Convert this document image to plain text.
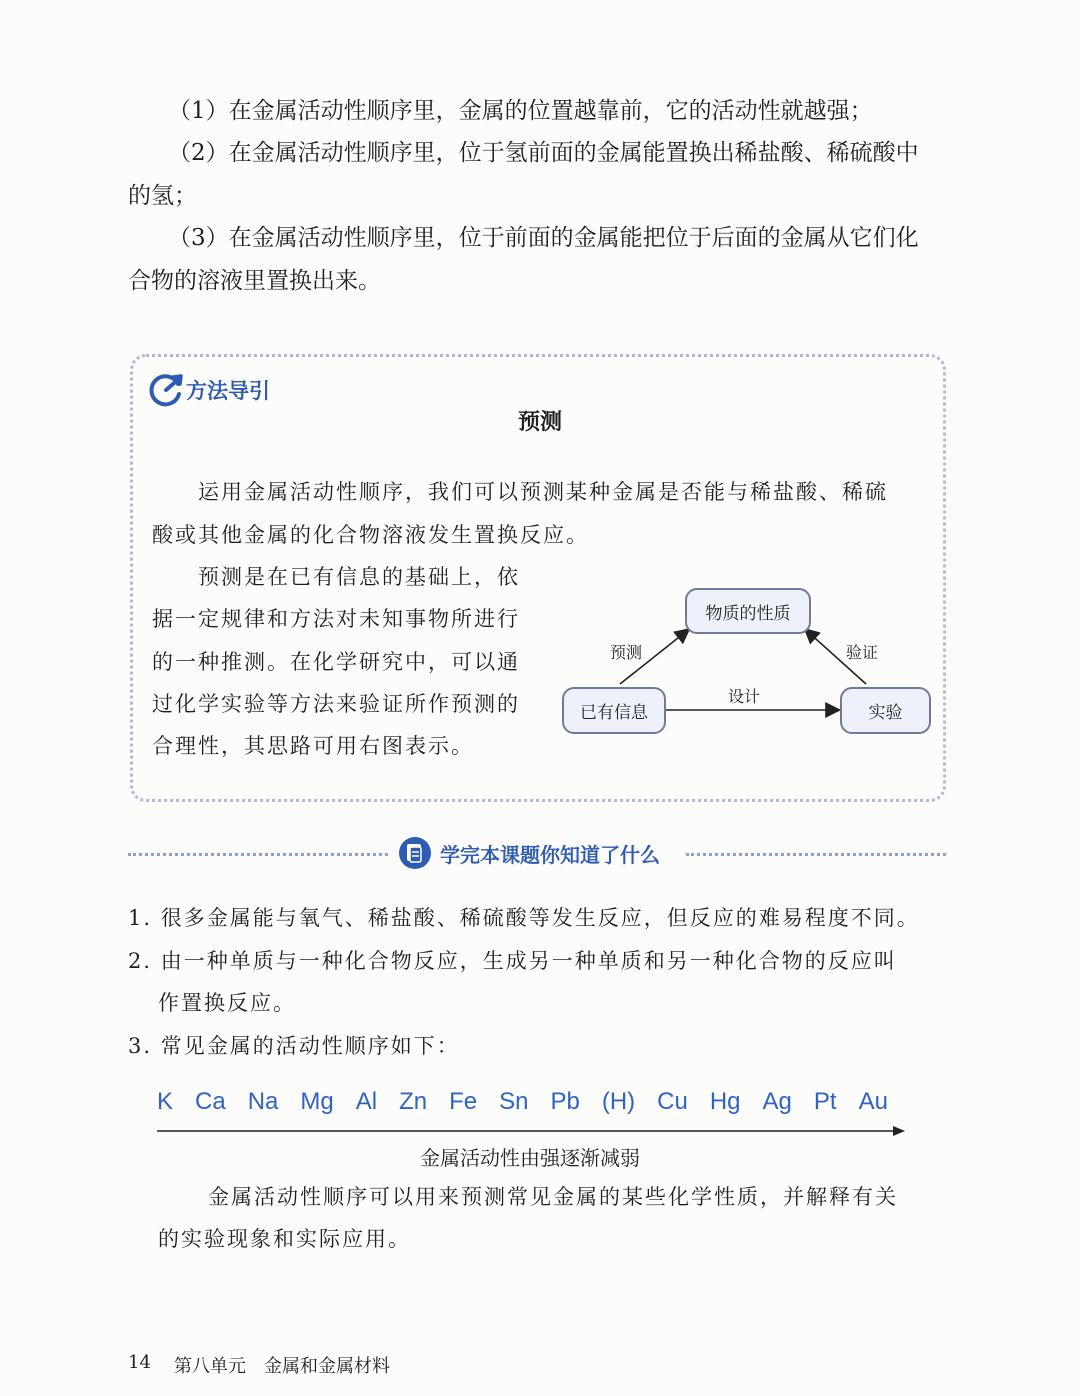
（1）在金属活动性顺序里，金属的位置越靠前，它的活动性就越强；
（2）在金属活动性顺序里，位于氢前面的金属能置换出稀盐酸、稀硫酸中
的氢；
（3）在金属活动性顺序里，位于前面的金属能把位于后面的金属从它们化
合物的溶液里置换出来。
方法导引
预测
运用金属活动性顺序，我们可以预测某种金属是否能与稀盐酸、稀硫
酸或其他金属的化合物溶液发生置换反应。
预测是在已有信息的基础上，依
据一定规律和方法对未知事物所进行
的一种推测。在化学研究中，可以通
过化学实验等方法来验证所作预测的
合理性，其思路可用右图表示。
物质的性质
已有信息	实验
预测	验证
设计
学完本课题你知道了什么
1. 很多金属能与氧气、稀盐酸、稀硫酸等发生反应，但反应的难易程度不同。
2. 由一种单质与一种化合物反应，生成另一种单质和另一种化合物的反应叫
作置换反应。
3. 常见金属的活动性顺序如下：
K Ca Na Mg Al Zn Fe Sn Pb (H) Cu Hg Ag Pt Au
金属活动性由强逐渐减弱
金属活动性顺序可以用来预测常见金属的某些化学性质，并解释有关
的实验现象和实际应用。
14 第八单元 金属和金属材料
